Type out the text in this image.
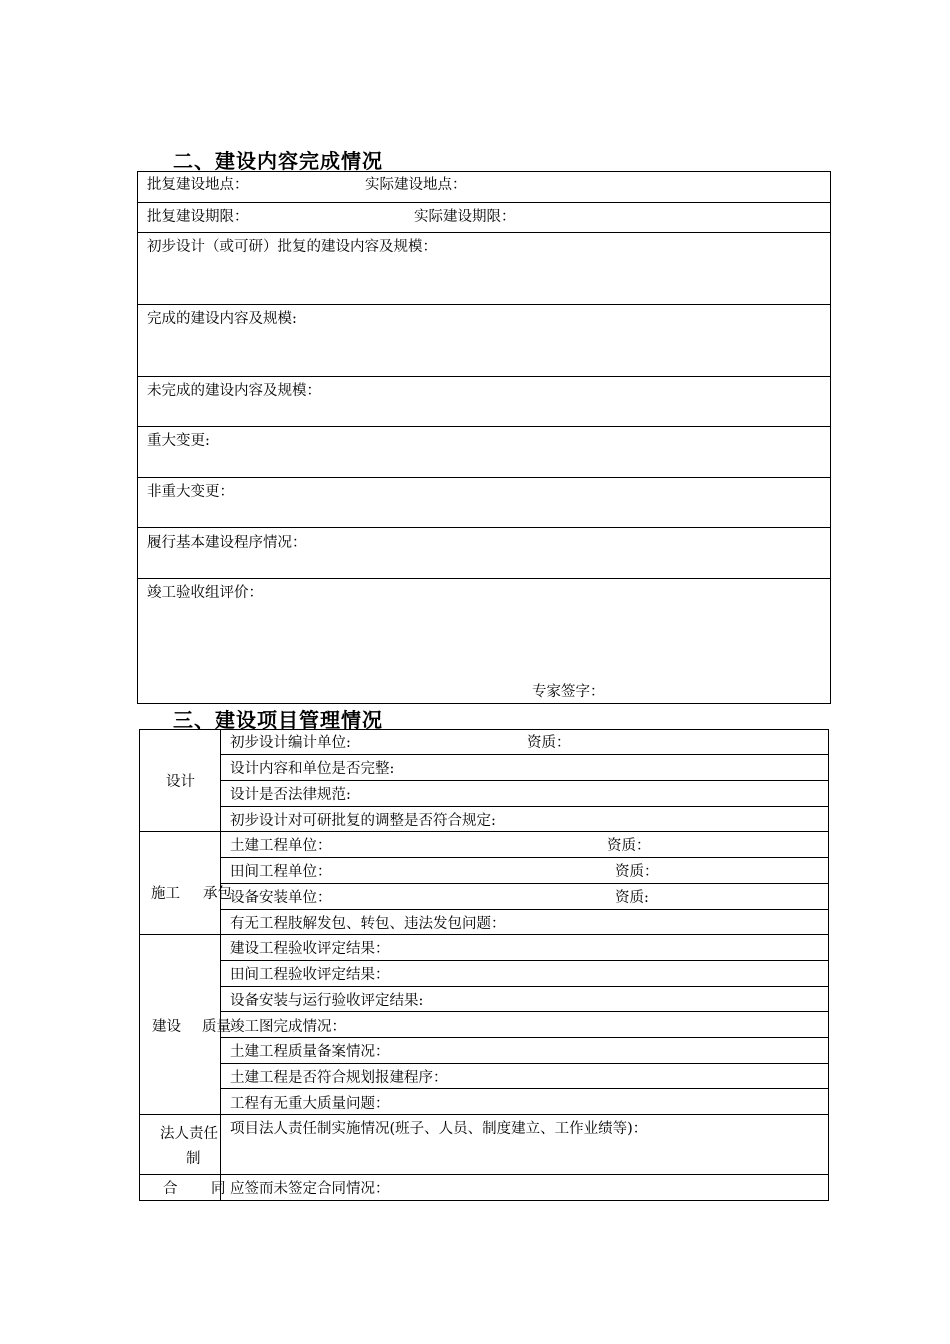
二、建设内容完成情况
批复建设地点：	实际建设地点：
批复建设期限：	实际建设期限：
初步设计（或可研）批复的建设内容及规模：
完成的建设内容及规模:
未完成的建设内容及规模：
重大变更:
非重大变更：
履行基本建设程序情况：
竣工验收组评价：
专家签字：
三、建设项目管理情况
设计
初步设计编计单位:	资质：
设计内容和单位是否完整:
设计是否法律规范:
初步设计对可研批复的调整是否符合规定:
施工 承包
土建工程单位：	资质：
田间工程单位：	资质：
设备安装单位：	资质:
有无工程肢解发包、转包、违法发包问题：
建设 质量
建设工程验收评定结果：
田间工程验收评定结果：
设备安装与运行验收评定结果:
竣工图完成情况：
土建工程质量备案情况：
土建工程是否符合规划报建程序：
工程有无重大质量问题：
法人责任
制
项目法人责任制实施情况(班子、人员、制度建立、工作业绩等)：
合 同 应签而未签定合同情况：
